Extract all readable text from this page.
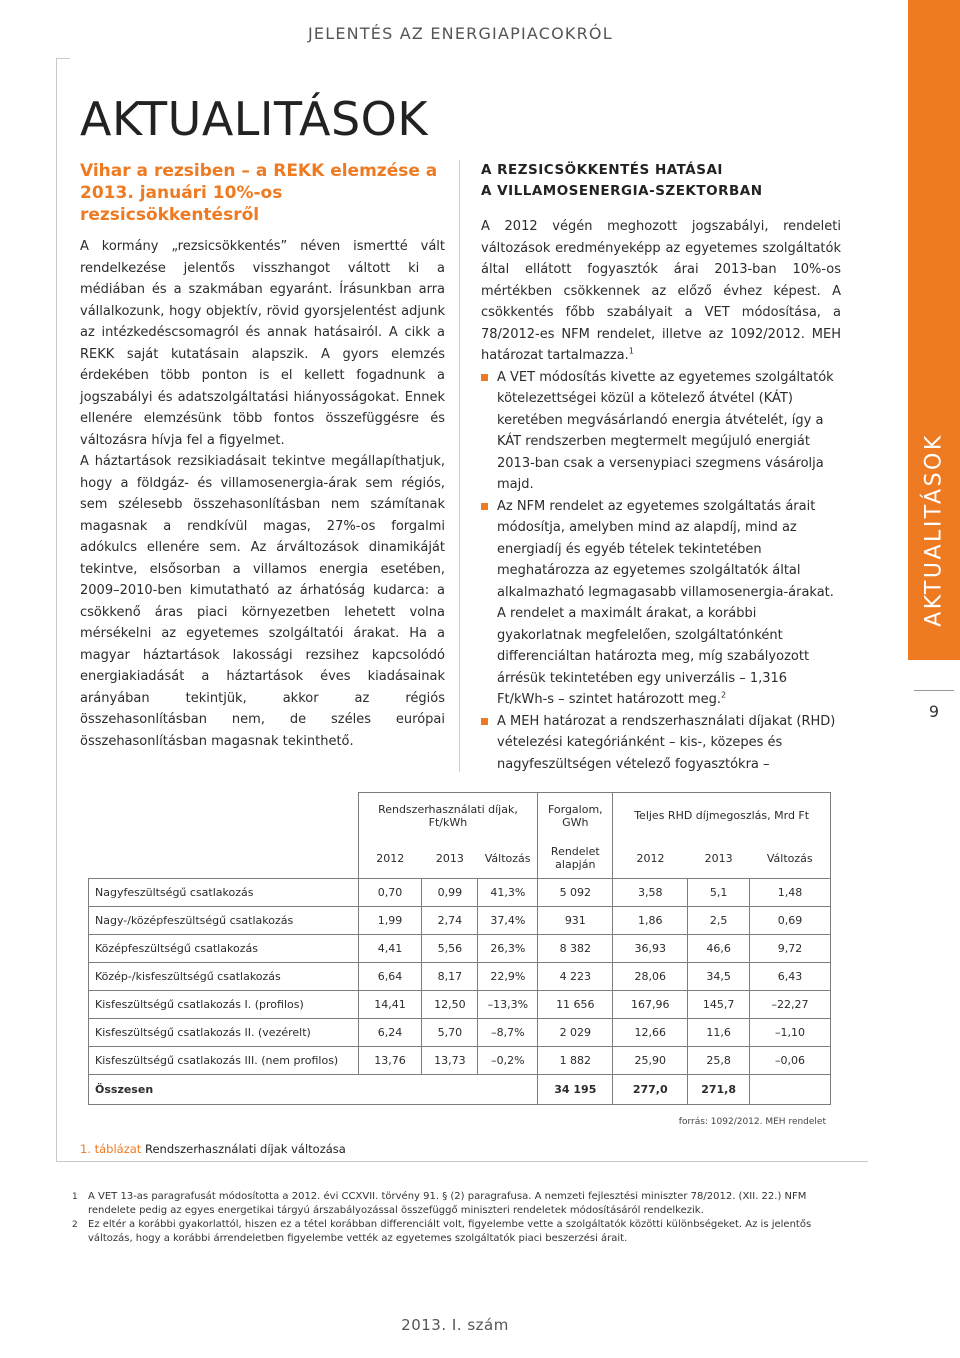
JELENTÉS AZ ENERGIAPIACOKRÓL
AKTUALITÁSOK
9
AKTUALITÁSOK
Vihar a rezsiben – a REKK elemzése a 2013. januári 10%-os rezsicsökkentésről

A kormány „rezsicsökkentés” néven ismertté vált rendelkezése jelentős visszhangot váltott ki a médiában és a szakmában egyaránt. Írásunkban arra vállalkozunk, hogy objektív, rövid gyorsjelentést adjunk az intézkedéscsomagról és annak hatásairól. A cikk a REKK saját kutatásain alapszik. A gyors elemzés érdekében több ponton is el kellett fogadnunk a jogszabályi és adatszolgáltatási hiányosságokat. Ennek ellenére elemzésünk több fontos összefüggésre és változásra hívja fel a figyelmet.

A háztartások rezsikiadásait tekintve megállapíthatjuk, hogy a földgáz- és villamosenergia-árak sem régiós, sem szélesebb összehasonlításban nem számítanak magasnak a rendkívül magas, 27%-os forgalmi adókulcs ellenére sem. Az árváltozások dinamikáját tekintve, elsősorban a villamos energia esetében, 2009–2010-ben kimutatható az árhatóság kudarca: a csökkenő áras piaci környezetben lehetett volna mérsékelni az egyetemes szolgáltatói árakat. Ha a magyar háztartások lakossági rezsihez kapcsolódó energiakiadását a háztartások éves kiadásainak arányában tekintjük, akkor az régiós összehasonlításban nem, de széles európai összehasonlításban magasnak tekinthető.

A REZSICSÖKKENTÉS HATÁSAI
A VILLAMOSENERGIA-SZEKTORBAN

A 2012 végén meghozott jogszabályi, rendeleti változások eredményeképp az egyetemes szolgáltatók által ellátott fogyasztók árai 2013-ban 10%-os mértékben csökkennek az előző évhez képest. A csökkentés főbb szabályait a VET módosítása, a 78/2012-es NFM rendelet, illetve az 1092/2012. MEH határozat tartalmazza.$^1$

A VET módosítás kivette az egyetemes szolgáltatók kötelezettségei közül a kötelező átvétel (KÁT) keretében megvásárlandó energia átvételét, így a KÁT rendszerben megtermelt megújuló energiát 2013-ban csak a versenypiaci szegmens vásárolja majd.
Az NFM rendelet az egyetemes szolgáltatás árait módosítja, amelyben mind az alapdíj, mind az energiadíj és egyéb tételek tekintetében meghatározza az egyetemes szolgáltatók által alkalmazható legmagasabb villamosenergia-árakat. A rendelet a maximált árakat, a korábbi gyakorlatnak megfelelően, szolgáltatónként differenciáltan határozta meg, míg szabályozott árrésük tekintetében egy univerzális – 1,316 Ft/kWh-s – szintet határozott meg.$^2$
A MEH határozat a rendszerhasználati díjakat (RHD) vételezési kategóriánként – kis-, közepes és nagyfeszültségen vételező fogyasztókra –
	Rendszerhasználati díjak, Ft/kWh			Forgalom, GWh	Teljes RHD díjmegoszlás, Mrd Ft		
	2012	2013	Változás	Rendelet alapján	2012	2013	Változás
Nagyfeszültségű csatlakozás	0,70	0,99	41,3%	5 092	3,58	5,1	1,48
Nagy-/középfeszültségű csatlakozás	1,99	2,74	37,4%	931	1,86	2,5	0,69
Középfeszültségű csatlakozás	4,41	5,56	26,3%	8 382	36,93	46,6	9,72
Közép-/kisfeszültségű csatlakozás	6,64	8,17	22,9%	4 223	28,06	34,5	6,43
Kisfeszültségű csatlakozás I. (profilos)	14,41	12,50	–13,3%	11 656	167,96	145,7	–22,27
Kisfeszültségű csatlakozás II. (vezérelt)	6,24	5,70	–8,7%	2 029	12,66	11,6	–1,10
Kisfeszültségű csatlakozás III. (nem profilos)	13,76	13,73	–0,2%	1 882	25,90	25,8	–0,06
Összesen				34 195	277,0	271,8	
forrás: 1092/2012. MEH rendelet
1. táblázat Rendszerhasználati díjak változása
1 A VET 13-as paragrafusát módosította a 2012. évi CCXVII. törvény 91. § (2) paragrafusa. A nemzeti fejlesztési miniszter 78/2012. (XII. 22.) NFM rendelete pedig az egyes energetikai tárgyú árszabályozással összefüggő miniszteri rendeletek módosításáról rendelkezik.
2 Ez eltér a korábbi gyakorlattól, hiszen ez a tétel korábban differenciált volt, figyelembe vette a szolgáltatók közötti különbségeket. Az is jelentős változás, hogy a korábbi árrendeletben figyelembe vették az egyetemes szolgáltatók piaci beszerzési árait.
2013. I. szám
